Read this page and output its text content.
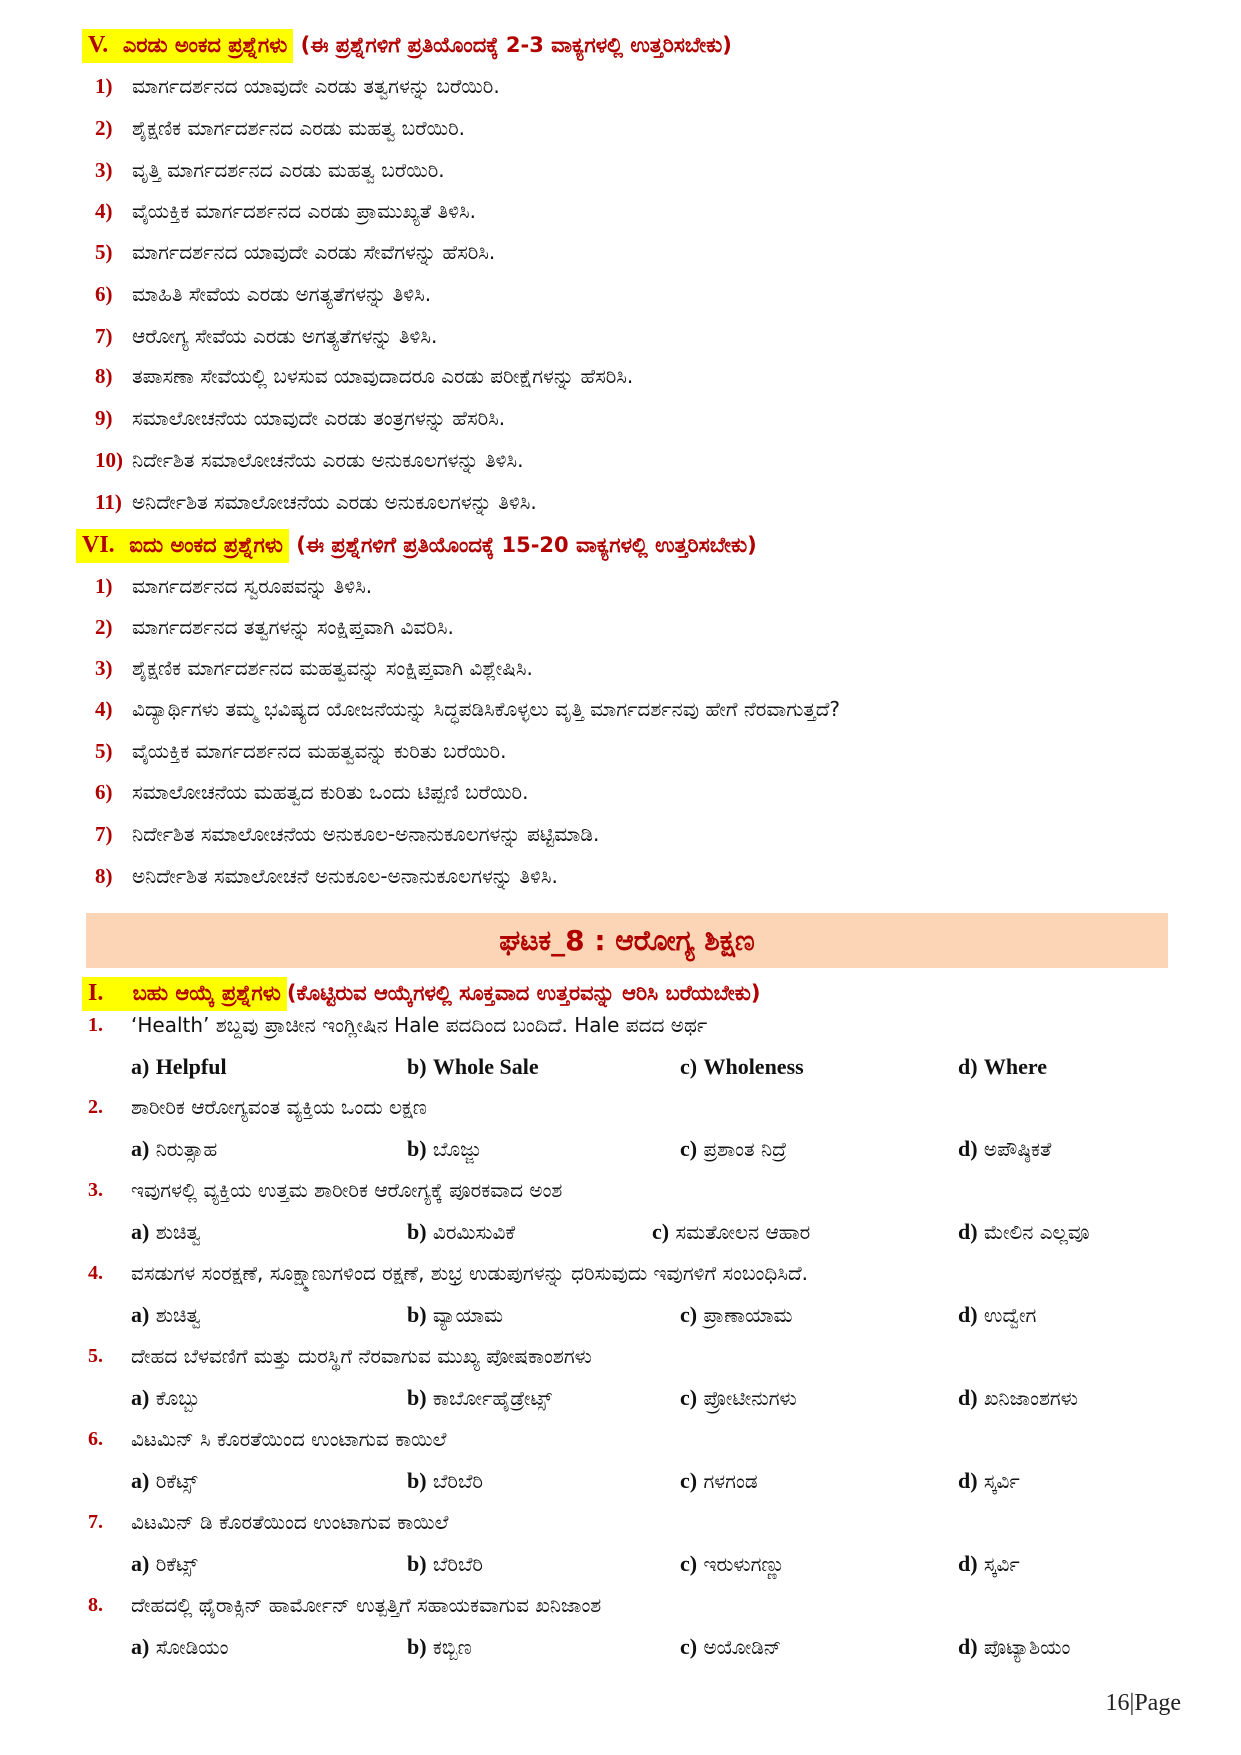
V. ಎರಡು ಅಂಕದ ಪ್ರಶ್ನೆಗಳು (ಈ ಪ್ರಶ್ನೆಗಳಿಗೆ ಪ್ರತಿಯೊಂದಕ್ಕೆ 2-3 ವಾಕ್ಯಗಳಲ್ಲಿ ಉತ್ತರಿಸಬೇಕು)
1) ಮಾರ್ಗದರ್ಶನದ ಯಾವುದೇ ಎರಡು ತತ್ವಗಳನ್ನು ಬರೆಯಿರಿ.
2) ಶೈಕ್ಷಣಿಕ ಮಾರ್ಗದರ್ಶನದ ಎರಡು ಮಹತ್ವ ಬರೆಯಿರಿ.
3) ವೃತ್ತಿ ಮಾರ್ಗದರ್ಶನದ ಎರಡು ಮಹತ್ವ ಬರೆಯಿರಿ.
4) ವೈಯಕ್ತಿಕ ಮಾರ್ಗದರ್ಶನದ ಎರಡು ಪ್ರಾಮುಖ್ಯತೆ ತಿಳಿಸಿ.
5) ಮಾರ್ಗದರ್ಶನದ ಯಾವುದೇ ಎರಡು ಸೇವೆಗಳನ್ನು ಹೆಸರಿಸಿ.
6) ಮಾಹಿತಿ ಸೇವೆಯ ಎರಡು ಅಗತ್ಯತೆಗಳನ್ನು ತಿಳಿಸಿ.
7) ಆರೋಗ್ಯ ಸೇವೆಯ ಎರಡು ಅಗತ್ಯತೆಗಳನ್ನು ತಿಳಿಸಿ.
8) ತಪಾಸಣಾ ಸೇವೆಯಲ್ಲಿ ಬಳಸುವ ಯಾವುದಾದರೂ ಎರಡು ಪರೀಕ್ಷೆಗಳನ್ನು ಹೆಸರಿಸಿ.
9) ಸಮಾಲೋಚನೆಯ ಯಾವುದೇ ಎರಡು ತಂತ್ರಗಳನ್ನು ಹೆಸರಿಸಿ.
10) ನಿರ್ದೇಶಿತ ಸಮಾಲೋಚನೆಯ ಎರಡು ಅನುಕೂಲಗಳನ್ನು ತಿಳಿಸಿ.
11) ಅನಿರ್ದೇಶಿತ ಸಮಾಲೋಚನೆಯ ಎರಡು ಅನುಕೂಲಗಳನ್ನು ತಿಳಿಸಿ.
VI. ಐದು ಅಂಕದ ಪ್ರಶ್ನೆಗಳು (ಈ ಪ್ರಶ್ನೆಗಳಿಗೆ ಪ್ರತಿಯೊಂದಕ್ಕೆ 15-20 ವಾಕ್ಯಗಳಲ್ಲಿ ಉತ್ತರಿಸಬೇಕು)
1) ಮಾರ್ಗದರ್ಶನದ ಸ್ವರೂಪವನ್ನು ತಿಳಿಸಿ.
2) ಮಾರ್ಗದರ್ಶನದ ತತ್ವಗಳನ್ನು ಸಂಕ್ಷಿಪ್ತವಾಗಿ ವಿವರಿಸಿ.
3) ಶೈಕ್ಷಣಿಕ ಮಾರ್ಗದರ್ಶನದ ಮಹತ್ವವನ್ನು ಸಂಕ್ಷಿಪ್ತವಾಗಿ ವಿಶ್ಲೇಷಿಸಿ.
4) ವಿದ್ಯಾರ್ಥಿಗಳು ತಮ್ಮ ಭವಿಷ್ಯದ ಯೋಜನೆಯನ್ನು ಸಿದ್ಧಪಡಿಸಿಕೊಳ್ಳಲು ವೃತ್ತಿ ಮಾರ್ಗದರ್ಶನವು ಹೇಗೆ ನೆರವಾಗುತ್ತದೆ?
5) ವೈಯಕ್ತಿಕ ಮಾರ್ಗದರ್ಶನದ ಮಹತ್ವವನ್ನು ಕುರಿತು ಬರೆಯಿರಿ.
6) ಸಮಾಲೋಚನೆಯ ಮಹತ್ವದ ಕುರಿತು ಒಂದು ಟಿಪ್ಪಣಿ ಬರೆಯಿರಿ.
7) ನಿರ್ದೇಶಿತ ಸಮಾಲೋಚನೆಯ ಅನುಕೂಲ-ಅನಾನುಕೂಲಗಳನ್ನು ಪಟ್ಟಿಮಾಡಿ.
8) ಅನಿರ್ದೇಶಿತ ಸಮಾಲೋಚನೆ ಅನುಕೂಲ-ಅನಾನುಕೂಲಗಳನ್ನು ತಿಳಿಸಿ.
ಘಟಕ_8 : ಆರೋಗ್ಯ ಶಿಕ್ಷಣ
I. ಬಹು ಆಯ್ಕೆ ಪ್ರಶ್ನೆಗಳು (ಕೊಟ್ಟಿರುವ ಆಯ್ಕೆಗಳಲ್ಲಿ ಸೂಕ್ತವಾದ ಉತ್ತರವನ್ನು ಆರಿಸಿ ಬರೆಯಬೇಕು)
1. ‘Health’ ಶಬ್ದವು ಪ್ರಾಚೀನ ಇಂಗ್ಲೀಷಿನ Hale ಪದದಿಂದ ಬಂದಿದೆ. Hale ಪದದ ಅರ್ಥ
a) Helpful	b) Whole Sale	c) Wholeness	d) Where
2. ಶಾರೀರಿಕ ಆರೋಗ್ಯವಂತ ವ್ಯಕ್ತಿಯ ಒಂದು ಲಕ್ಷಣ
a) ನಿರುತ್ಸಾಹ	b) ಬೊಜ್ಜು	c) ಪ್ರಶಾಂತ ನಿದ್ರೆ	d) ಅಪೌಷ್ಠಿಕತೆ
3. ಇವುಗಳಲ್ಲಿ ವ್ಯಕ್ತಿಯ ಉತ್ತಮ ಶಾರೀರಿಕ ಆರೋಗ್ಯಕ್ಕೆ ಪೂರಕವಾದ ಅಂಶ
a) ಶುಚಿತ್ವ	b) ವಿರಮಿಸುವಿಕೆ	c) ಸಮತೋಲನ ಆಹಾರ	d) ಮೇಲಿನ ಎಲ್ಲವೂ
4. ವಸಡುಗಳ ಸಂರಕ್ಷಣೆ, ಸೂಕ್ಷ್ಮಾಣುಗಳಿಂದ ರಕ್ಷಣೆ, ಶುಭ್ರ ಉಡುಪುಗಳನ್ನು ಧರಿಸುವುದು ಇವುಗಳಿಗೆ ಸಂಬಂಧಿಸಿದೆ.
a) ಶುಚಿತ್ವ	b) ವ್ಯಾಯಾಮ	c) ಪ್ರಾಣಾಯಾಮ	d) ಉದ್ವೇಗ
5. ದೇಹದ ಬೆಳವಣಿಗೆ ಮತ್ತು ದುರಸ್ಥಿಗೆ ನೆರವಾಗುವ ಮುಖ್ಯ ಪೋಷಕಾಂಶಗಳು
a) ಕೊಬ್ಬು	b) ಕಾರ್ಬೋಹೈಡ್ರೇಟ್ಸ್	c) ಪ್ರೋಟೀನುಗಳು	d) ಖನಿಜಾಂಶಗಳು
6. ವಿಟಮಿನ್ ಸಿ ಕೊರತೆಯಿಂದ ಉಂಟಾಗುವ ಕಾಯಿಲೆ
a) ರಿಕೆಟ್ಸ್	b) ಬೆರಿಬೆರಿ	c) ಗಳಗಂಡ	d) ಸ್ಕರ್ವಿ
7. ವಿಟಮಿನ್ ಡಿ ಕೊರತೆಯಿಂದ ಉಂಟಾಗುವ ಕಾಯಿಲೆ
a) ರಿಕೆಟ್ಸ್	b) ಬೆರಿಬೆರಿ	c) ಇರುಳುಗಣ್ಣು	d) ಸ್ಕರ್ವಿ
8. ದೇಹದಲ್ಲಿ ಥೈರಾಕ್ಸಿನ್ ಹಾರ್ಮೋನ್ ಉತ್ಪತ್ತಿಗೆ ಸಹಾಯಕವಾಗುವ ಖನಿಜಾಂಶ
a) ಸೋಡಿಯಂ	b) ಕಬ್ಬಿಣ	c) ಅಯೋಡಿನ್	d) ಪೊಟ್ಯಾಶಿಯಂ
16|Page
